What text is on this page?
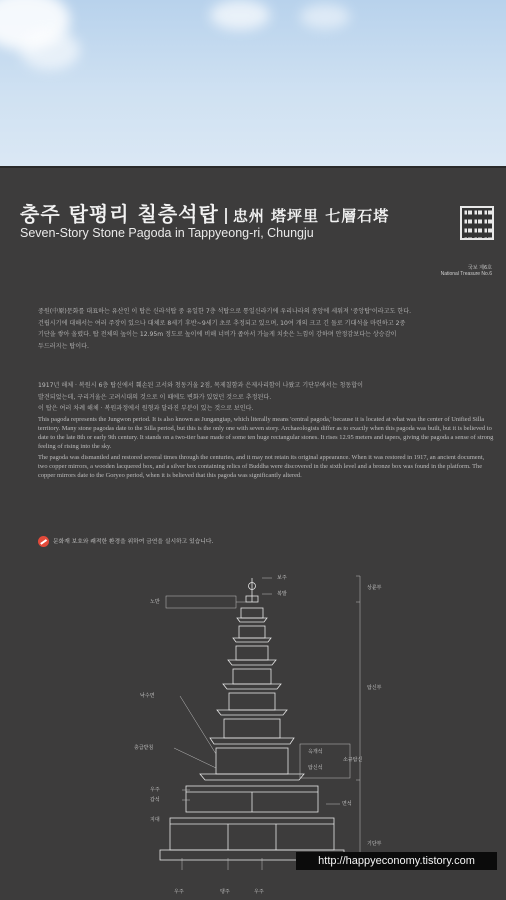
충주 탑평리 칠층석탑 忠州 塔坪里 七層石塔
Seven-Story Stone Pagoda in Tappyeong-ri, Chungju
국보 제6호
National Treasure No.6
중원(中原)문화를 대표하는 유산인 이 탑은 신라석탑 중 유일한 7층 석탑으로 통일신라기에 우리나라의 중앙에 세워져 '중앙탑'이라고도 한다.
건립시기에 대해서는 여러 주장이 있으나 대체로 8세기 후반~9세기 초로 추정되고 있으며, 10여 개의 크고 긴 돌로 기대석을 마련하고 2중
기단을 쌓아 올렸다. 탑 전체의 높이는 12.95m 정도로 높이에 비해 너비가 좁아서 가늘게 치솟은 느낌이 강하며 안정감보다는 상승감이
두드러지는 탑이다.
1917년 해체 · 복원시 6층 탑신에서 훼손된 고서와 청동거울 2점, 목제칠함과 은제사리함이 나왔고 기단부에서는 청동합이
발견되었는데, 구리거울은 고려시대의 것으로 이 때에도 변화가 있었던 것으로 추정된다.
이 탑은 여러 차례 해체 · 복원과정에서 원형과 달라진 부분이 있는 것으로 보인다.
This pagoda represents the Jungwon period. It is also known as Jungangtap, which literally means 'central pagoda,' because it is located at what was the center of Unified Silla territory. Many stone pagodas date to the Silla period, but this is the only one with seven story. Archaeologists differ as to exactly when this pagoda was built, but it is believed to date to the late 8th or early 9th century. It stands on a two-tier base made of some ten huge rectangular stones. It rises 12.95 meters and tapers, giving the pagoda a sense of strong feeling of rising into the sky.
The pagoda was dismantled and restored several times through the centuries, and it may not retain its original appearance. When it was restored in 1917, an ancient document, two copper mirrors, a wooden lacquered box, and a silver box containing relics of Buddha were discovered in the sixth level and a bronze box was found in the platform. The copper mirrors date to the Goryeo period, when it is believed that this pagoda was significantly altered.
문화재 보호와 쾌적한 환경을 위하여 금연을 실시하고 있습니다.
보주
복발
노반
상륜부
탑신부
낙수면
층급받침
옥개석
탑신석
소규탑신
우주
갑석
면석
기단부
지대
우주	탱주	우주
http://happyeconomy.tistory.com
